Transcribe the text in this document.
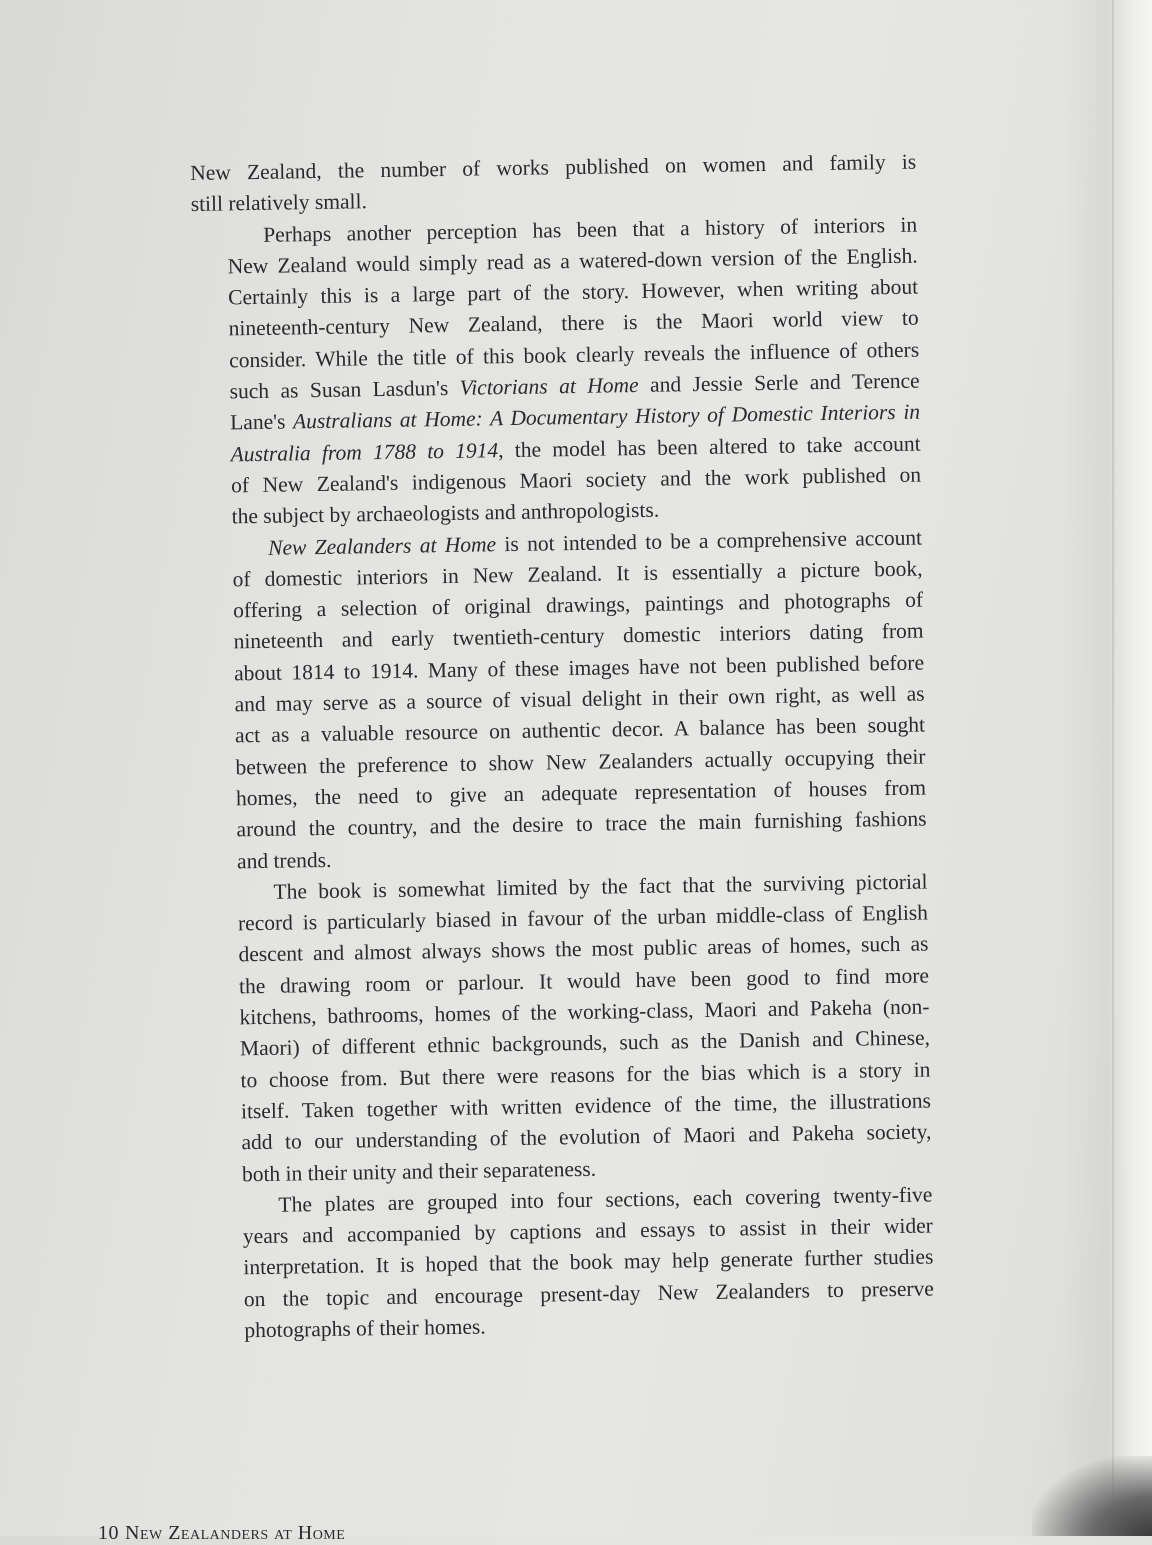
New Zealand, the number of works published on women and family is
still relatively small.

Perhaps another perception has been that a history of interiors in
New Zealand would simply read as a watered-down version of the English.
Certainly this is a large part of the story. However, when writing about
nineteenth-century New Zealand, there is the Maori world view to
consider. While the title of this book clearly reveals the influence of others
such as Susan Lasdun's Victorians at Home and Jessie Serle and Terence
Lane's Australians at Home: A Documentary History of Domestic Interiors in
Australia from 1788 to 1914, the model has been altered to take account
of New Zealand's indigenous Maori society and the work published on
the subject by archaeologists and anthropologists.

New Zealanders at Home is not intended to be a comprehensive account
of domestic interiors in New Zealand. It is essentially a picture book,
offering a selection of original drawings, paintings and photographs of
nineteenth and early twentieth-century domestic interiors dating from
about 1814 to 1914. Many of these images have not been published before
and may serve as a source of visual delight in their own right, as well as
act as a valuable resource on authentic decor. A balance has been sought
between the preference to show New Zealanders actually occupying their
homes, the need to give an adequate representation of houses from
around the country, and the desire to trace the main furnishing fashions
and trends.

The book is somewhat limited by the fact that the surviving pictorial
record is particularly biased in favour of the urban middle-class of English
descent and almost always shows the most public areas of homes, such as
the drawing room or parlour. It would have been good to find more
kitchens, bathrooms, homes of the working-class, Maori and Pakeha (non-
Maori) of different ethnic backgrounds, such as the Danish and Chinese,
to choose from. But there were reasons for the bias which is a story in
itself. Taken together with written evidence of the time, the illustrations
add to our understanding of the evolution of Maori and Pakeha society,
both in their unity and their separateness.

The plates are grouped into four sections, each covering twenty-five
years and accompanied by captions and essays to assist in their wider
interpretation. It is hoped that the book may help generate further studies
on the topic and encourage present-day New Zealanders to preserve
photographs of their homes.

10 New Zealanders at Home
